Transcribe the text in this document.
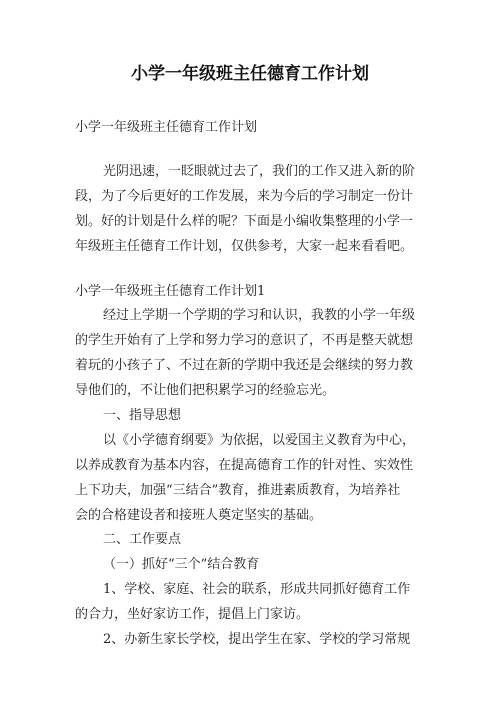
小学一年级班主任德育工作计划
小学一年级班主任德育工作计划
光阴迅速，一眨眼就过去了，我们的工作又进入新的阶
段，为了今后更好的工作发展，来为今后的学习制定一份计
划。好的计划是什么样的呢？下面是小编收集整理的小学一
年级班主任德育工作计划，仅供参考，大家一起来看看吧。
小学一年级班主任德育工作计划1
经过上学期一个学期的学习和认识，我教的小学一年级
的学生开始有了上学和努力学习的意识了，不再是整天就想
着玩的小孩子了、不过在新的学期中我还是会继续的努力教
导他们的，不让他们把积累学习的经验忘光。
一、指导思想
以《小学德育纲要》为依据，以爱国主义教育为中心，
以养成教育为基本内容，在提高德育工作的针对性、实效性
上下功夫，加强“三结合”教育，推进素质教育，为培养社
会的合格建设者和接班人奠定坚实的基础。
二、工作要点
（一）抓好“三个”结合教育
1、学校、家庭、社会的联系，形成共同抓好德育工作
的合力，坐好家访工作，提倡上门家访。
2、办新生家长学校，提出学生在家、学校的学习常规
